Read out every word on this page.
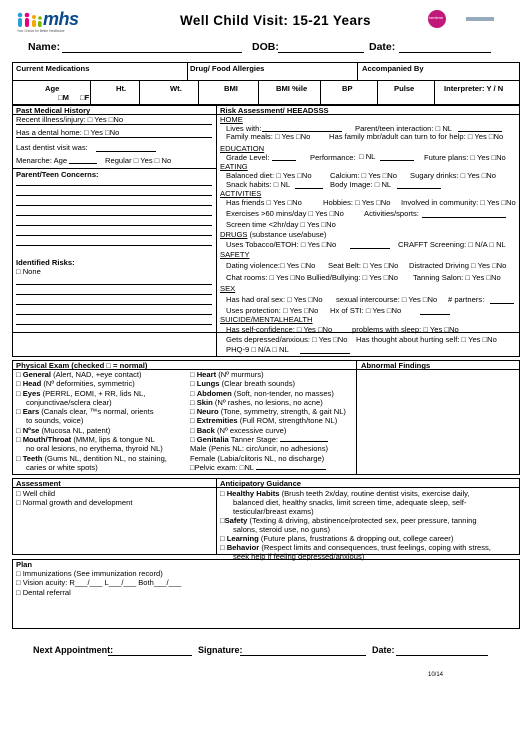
mhs
Your Choice for Better Healthcare
Well Child Visit: 15-21 Years	centene
Name:	DOB:	Date:
Current Medications	Drug/ Food Allergies	Accompanied By
Age
□M □F
Ht.	Wt.	BMI	BMI %ile	BP	Pulse	Interpreter: Y / N
Past Medical History
Recent illness/injury: □ Yes □No
Has a dental home: □ Yes □No
Last dentist visit was:
Menarche: Age	Regular □ Yes □ No
Parent/Teen Concerns:
Identified Risks:
□ None
Risk Assessment/ HEEADSSS
HOME
Lives with:	Parent/teen interaction: □ NL
Family meals: □ Yes □No Has family mbr/adult can turn to for help: □ Yes □No
EDUCATION
Grade Level:	Performance: □ NL	Future plans: □ Yes □No
EATING
Balanced diet: □ Yes □No Calcium: □ Yes □No Sugary drinks: □ Yes □No
Snack habits: □ NL	Body Image: □ NL
ACTIVITIES
Has friends □ Yes □No	Hobbies: □ Yes □No Involved in community: □ Yes □No
Exercises >60 mins/day □ Yes □No	Activities/sports:
Screen time <2hr/day □ Yes □No
DRUGS (substance use/abuse)
Uses Tobacco/ETOH: □ Yes □No	CRAFFT Screening: □ N/A □ NL
SAFETY
Dating violence:□ Yes □No Seat Belt: □ Yes □No Distracted Driving □ Yes □No
Chat rooms: □ Yes □No Bullied/Bullying: □ Yes □No Tanning Salon: □ Yes □No
SEX
Has had oral sex: □ Yes □No sexual intercourse: □ Yes □No # partners:
Uses protection: □ Yes □No Hx of STI: □ Yes □No
SUICIDE/MENTALHEALTH
Has self-confidence: □ Yes □No	problems with sleep: □ Yes □No
Gets depressed/anxious: □ Yes □No Has thought about hurting self: □ Yes □No
PHQ-9 □ N/A □ NL
Physical Exam (checked □ = normal)	Abnormal Findings
□ General (Alert, NAD, +eye contact)
□ Head (Nº deformities, symmetric)
□ Eyes (PERRL, EOMI, + RR, lids NL,
conjunctivae/sclera clear)
□ Ears (Canals clear, ™s normal, orients
to sounds, voice)
□ Nºse (Mucosa NL, patent)
□ Mouth/Throat (MMM, lips & tongue NL
no oral lesions, no erythema, thyroid NL)
□ Teeth (Gums NL, dentition NL, no staining,
caries or white spots)
□ Heart (Nº murmurs)
□ Lungs (Clear breath sounds)
□ Abdomen (Soft, non-tender, no masses)
□ Skin (Nº rashes, no lesions, no acne)
□ Neuro (Tone, symmetry, strength, & gait NL)
□ Extremities (Full ROM, strength/tone NL)
□ Back (Nº excessive curve)
□ Genitalia Tanner Stage:
Male (Penis NL: circ/uncir, no adhesions)
Female (Labia/clitoris NL, no discharge)
□Pelvic exam: □NL
Assessment
□ Well child
□ Normal growth and development
Anticipatory Guidance
□ Healthy Habits (Brush teeth 2x/day, routine dentist visits, exercise daily,
balanced diet, healthy snacks, limit screen time, adequate sleep, self-
testicular/breast exams)
□Safety (Texting & driving, abstinence/protected sex, peer pressure, tanning
salons, steroid use, no guns)
□ Learning (Future plans, frustrations & dropping out, college career)
□ Behavior (Respect limits and consequences, trust feelings, coping with stress,
seek help if feeling depressed/anxious)
Plan
□ Immunizations (See immunization record)
□ Vision acuity: R___/___ L___/___ Both___/___
□ Dental referral
Next Appointment:	Signature:	Date:
10/14
